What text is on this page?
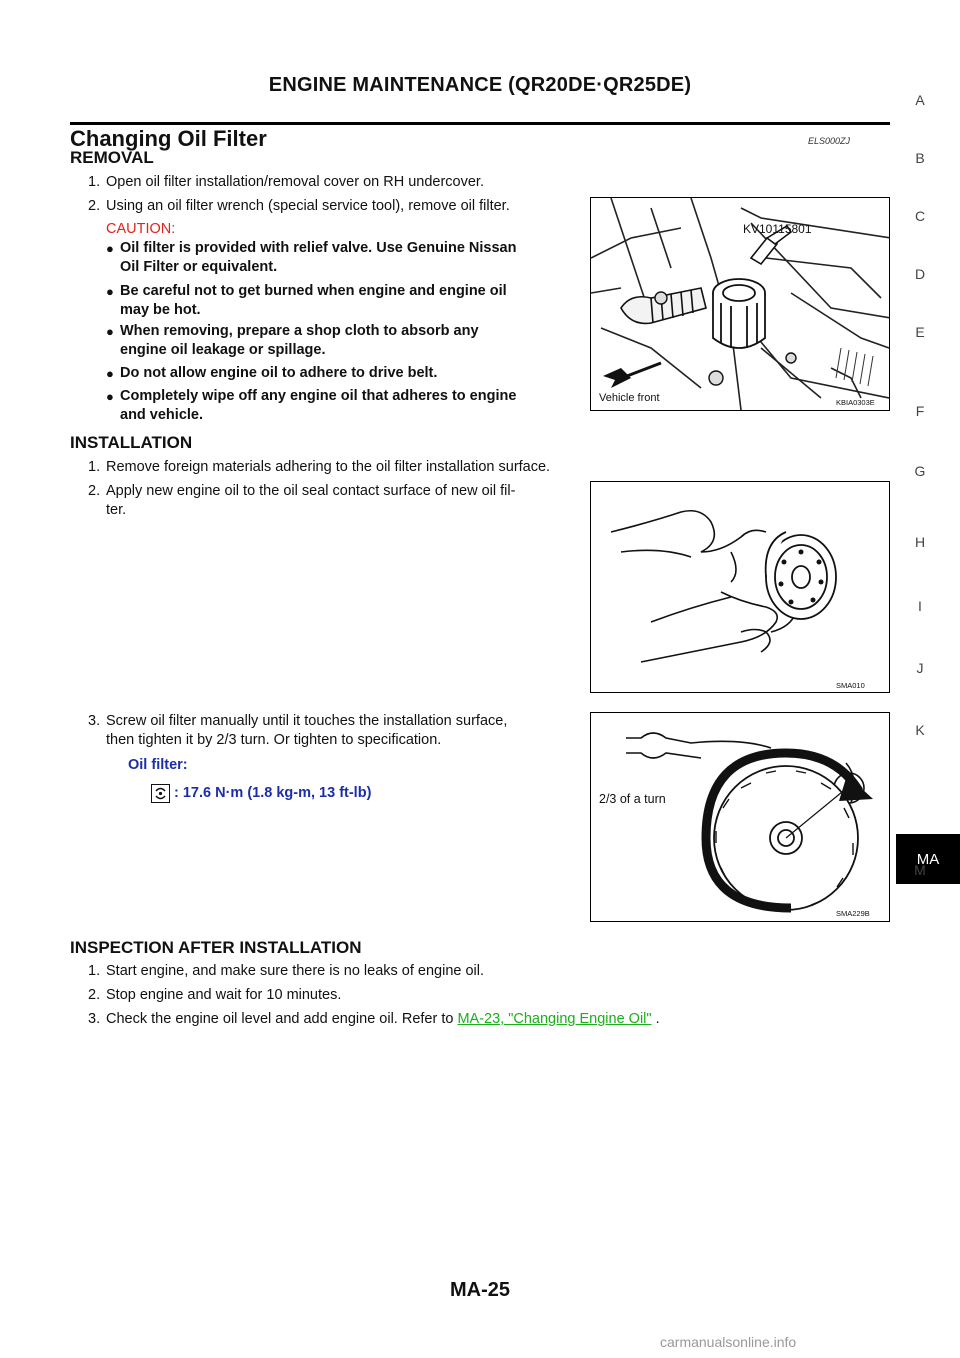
ENGINE MAINTENANCE (QR20DE·QR25DE)
Changing Oil Filter	ELS000ZJ
REMOVAL
1. Open oil filter installation/removal cover on RH undercover.
2. Using an oil filter wrench (special service tool), remove oil filter.
CAUTION:
● Oil filter is provided with relief valve. Use Genuine Nissan
Oil Filter or equivalent.
● Be careful not to get burned when engine and engine oil
may be hot.
● When removing, prepare a shop cloth to absorb any
engine oil leakage or spillage.
● Do not allow engine oil to adhere to drive belt.
● Completely wipe off any engine oil that adheres to engine
and vehicle.
KV10115801
Vehicle front	KBIA0303E
INSTALLATION
1. Remove foreign materials adhering to the oil filter installation surface.
2. Apply new engine oil to the oil seal contact surface of new oil fil-
ter.
SMA010
3. Screw oil filter manually until it touches the installation surface,
then tighten it by 2/3 turn. Or tighten to specification.
Oil filter:
: 17.6 N·m (1.8 kg-m, 13 ft-lb)	2/3 of a turn
SMA229B
INSPECTION AFTER INSTALLATION
1. Start engine, and make sure there is no leaks of engine oil.
2. Stop engine and wait for 10 minutes.
3. Check the engine oil level and add engine oil. Refer to MA-23, "Changing Engine Oil" .
A
B
C
D
E
F
G
H
I
J
K
MA
M
MA-25
carmanualsonline.info
